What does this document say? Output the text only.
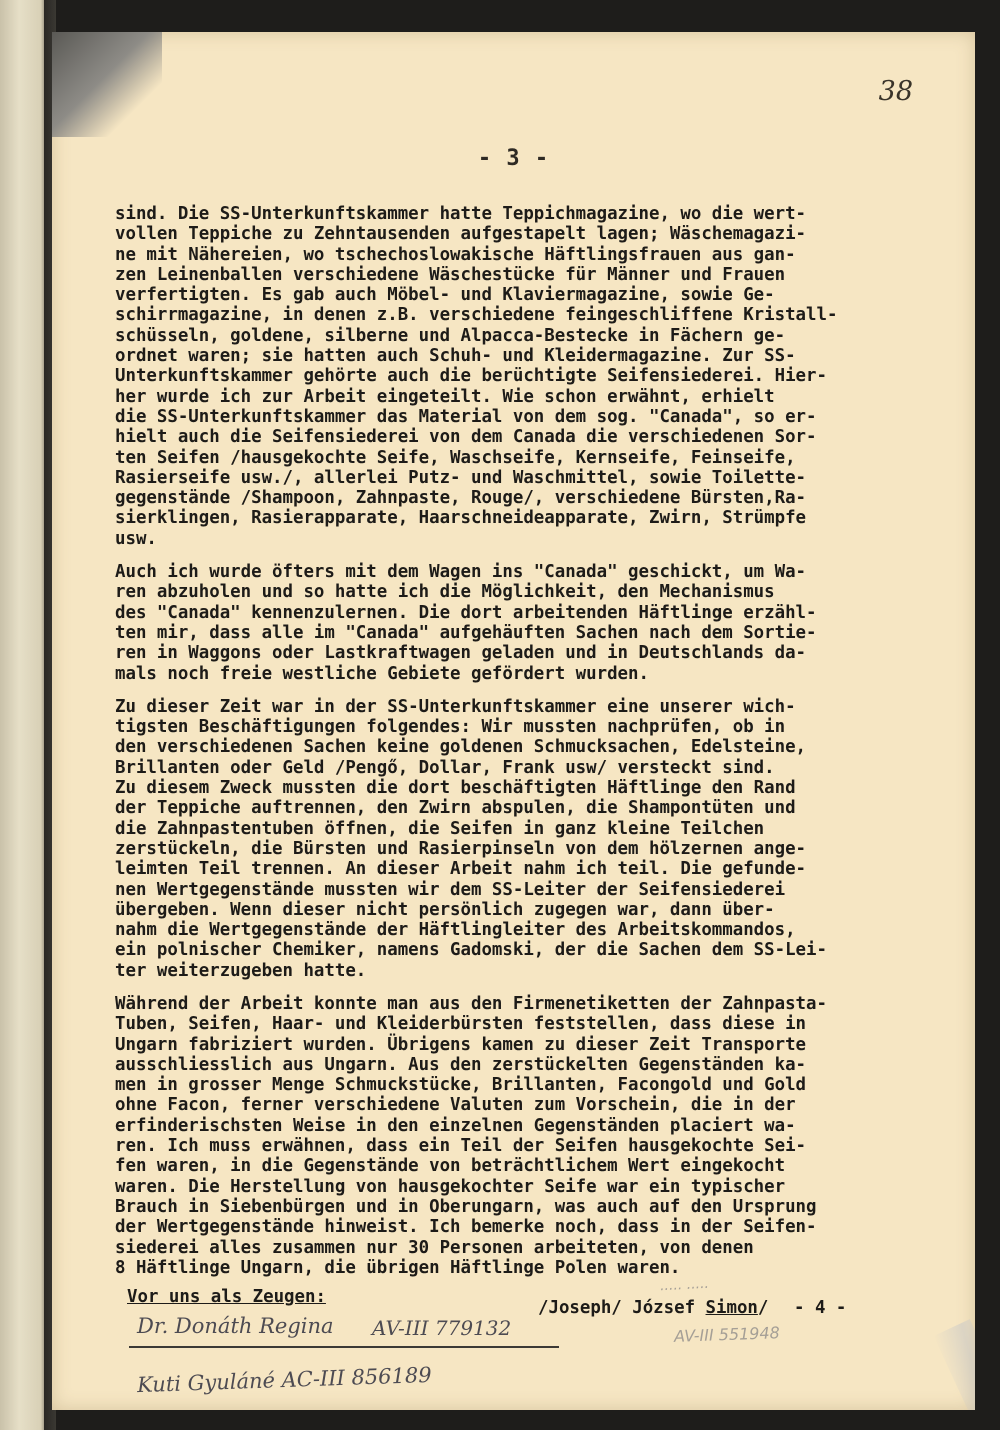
38
- 3 -

sind. Die SS-Unterkunftskammer hatte Teppichmagazine, wo die wert-
vollen Teppiche zu Zehntausenden aufgestapelt lagen; Wäschemagazi-
ne mit Nähereien, wo tschechoslowakische Häftlingsfrauen aus gan-
zen Leinenballen verschiedene Wäschestücke für Männer und Frauen
verfertigten. Es gab auch Möbel- und Klaviermagazine, sowie Ge-
schirrmagazine, in denen z.B. verschiedene feingeschliffene Kristall-
schüsseln, goldene, silberne und Alpacca-Bestecke in Fächern ge-
ordnet waren; sie hatten auch Schuh- und Kleidermagazine. Zur SS-
Unterkunftskammer gehörte auch die berüchtigte Seifensiederei. Hier-
her wurde ich zur Arbeit eingeteilt. Wie schon erwähnt, erhielt
die SS-Unterkunftskammer das Material von dem sog. "Canada", so er-
hielt auch die Seifensiederei von dem Canada die verschiedenen Sor-
ten Seifen /hausgekochte Seife, Waschseife, Kernseife, Feinseife,
Rasierseife usw./, allerlei Putz- und Waschmittel, sowie Toilette-
gegenstände /Shampoon, Zahnpaste, Rouge/, verschiedene Bürsten,Ra-
sierklingen, Rasierapparate, Haarschneideapparate, Zwirn, Strümpfe
usw.

Auch ich wurde öfters mit dem Wagen ins "Canada" geschickt, um Wa-
ren abzuholen und so hatte ich die Möglichkeit, den Mechanismus
des "Canada" kennenzulernen. Die dort arbeitenden Häftlinge erzähl-
ten mir, dass alle im "Canada" aufgehäuften Sachen nach dem Sortie-
ren in Waggons oder Lastkraftwagen geladen und in Deutschlands da-
mals noch freie westliche Gebiete gefördert wurden.

Zu dieser Zeit war in der SS-Unterkunftskammer eine unserer wich-
tigsten Beschäftigungen folgendes: Wir mussten nachprüfen, ob in
den verschiedenen Sachen keine goldenen Schmucksachen, Edelsteine,
Brillanten oder Geld /Pengő, Dollar, Frank usw/ versteckt sind.
Zu diesem Zweck mussten die dort beschäftigten Häftlinge den Rand
der Teppiche auftrennen, den Zwirn abspulen, die Shampontüten und
die Zahnpastentuben öffnen, die Seifen in ganz kleine Teilchen
zerstückeln, die Bürsten und Rasierpinseln von dem hölzernen ange-
leimten Teil trennen. An dieser Arbeit nahm ich teil. Die gefunde-
nen Wertgegenstände mussten wir dem SS-Leiter der Seifensiederei
übergeben. Wenn dieser nicht persönlich zugegen war, dann über-
nahm die Wertgegenstände der Häftlingleiter des Arbeitskommandos,
ein polnischer Chemiker, namens Gadomski, der die Sachen dem SS-Lei-
ter weiterzugeben hatte.

Während der Arbeit konnte man aus den Firmenetiketten der Zahnpasta-
Tuben, Seifen, Haar- und Kleiderbürsten feststellen, dass diese in
Ungarn fabriziert wurden. Übrigens kamen zu dieser Zeit Transporte
ausschliesslich aus Ungarn. Aus den zerstückelten Gegenständen ka-
men in grosser Menge Schmuckstücke, Brillanten, Facongold und Gold
ohne Facon, ferner verschiedene Valuten zum Vorschein, die in der
erfinderischsten Weise in den einzelnen Gegenständen placiert wa-
ren. Ich muss erwähnen, dass ein Teil der Seifen hausgekochte Sei-
fen waren, in die Gegenstände von beträchtlichem Wert eingekocht
waren. Die Herstellung von hausgekochter Seife war ein typischer
Brauch in Siebenbürgen und in Oberungarn, was auch auf den Ursprung
der Wertgegenstände hinweist. Ich bemerke noch, dass in der Seifen-
siederei alles zusammen nur 30 Personen arbeiteten, von denen
8 Häftlinge Ungarn, die übrigen Häftlinge Polen waren.

Vor uns als Zeugen:
..... .....
/Joseph/ József Simon/ - 4 -
Dr. Donáth Regina AV-III 779132	AV-III 551948
Kuti Gyuláné AC-III 856189
